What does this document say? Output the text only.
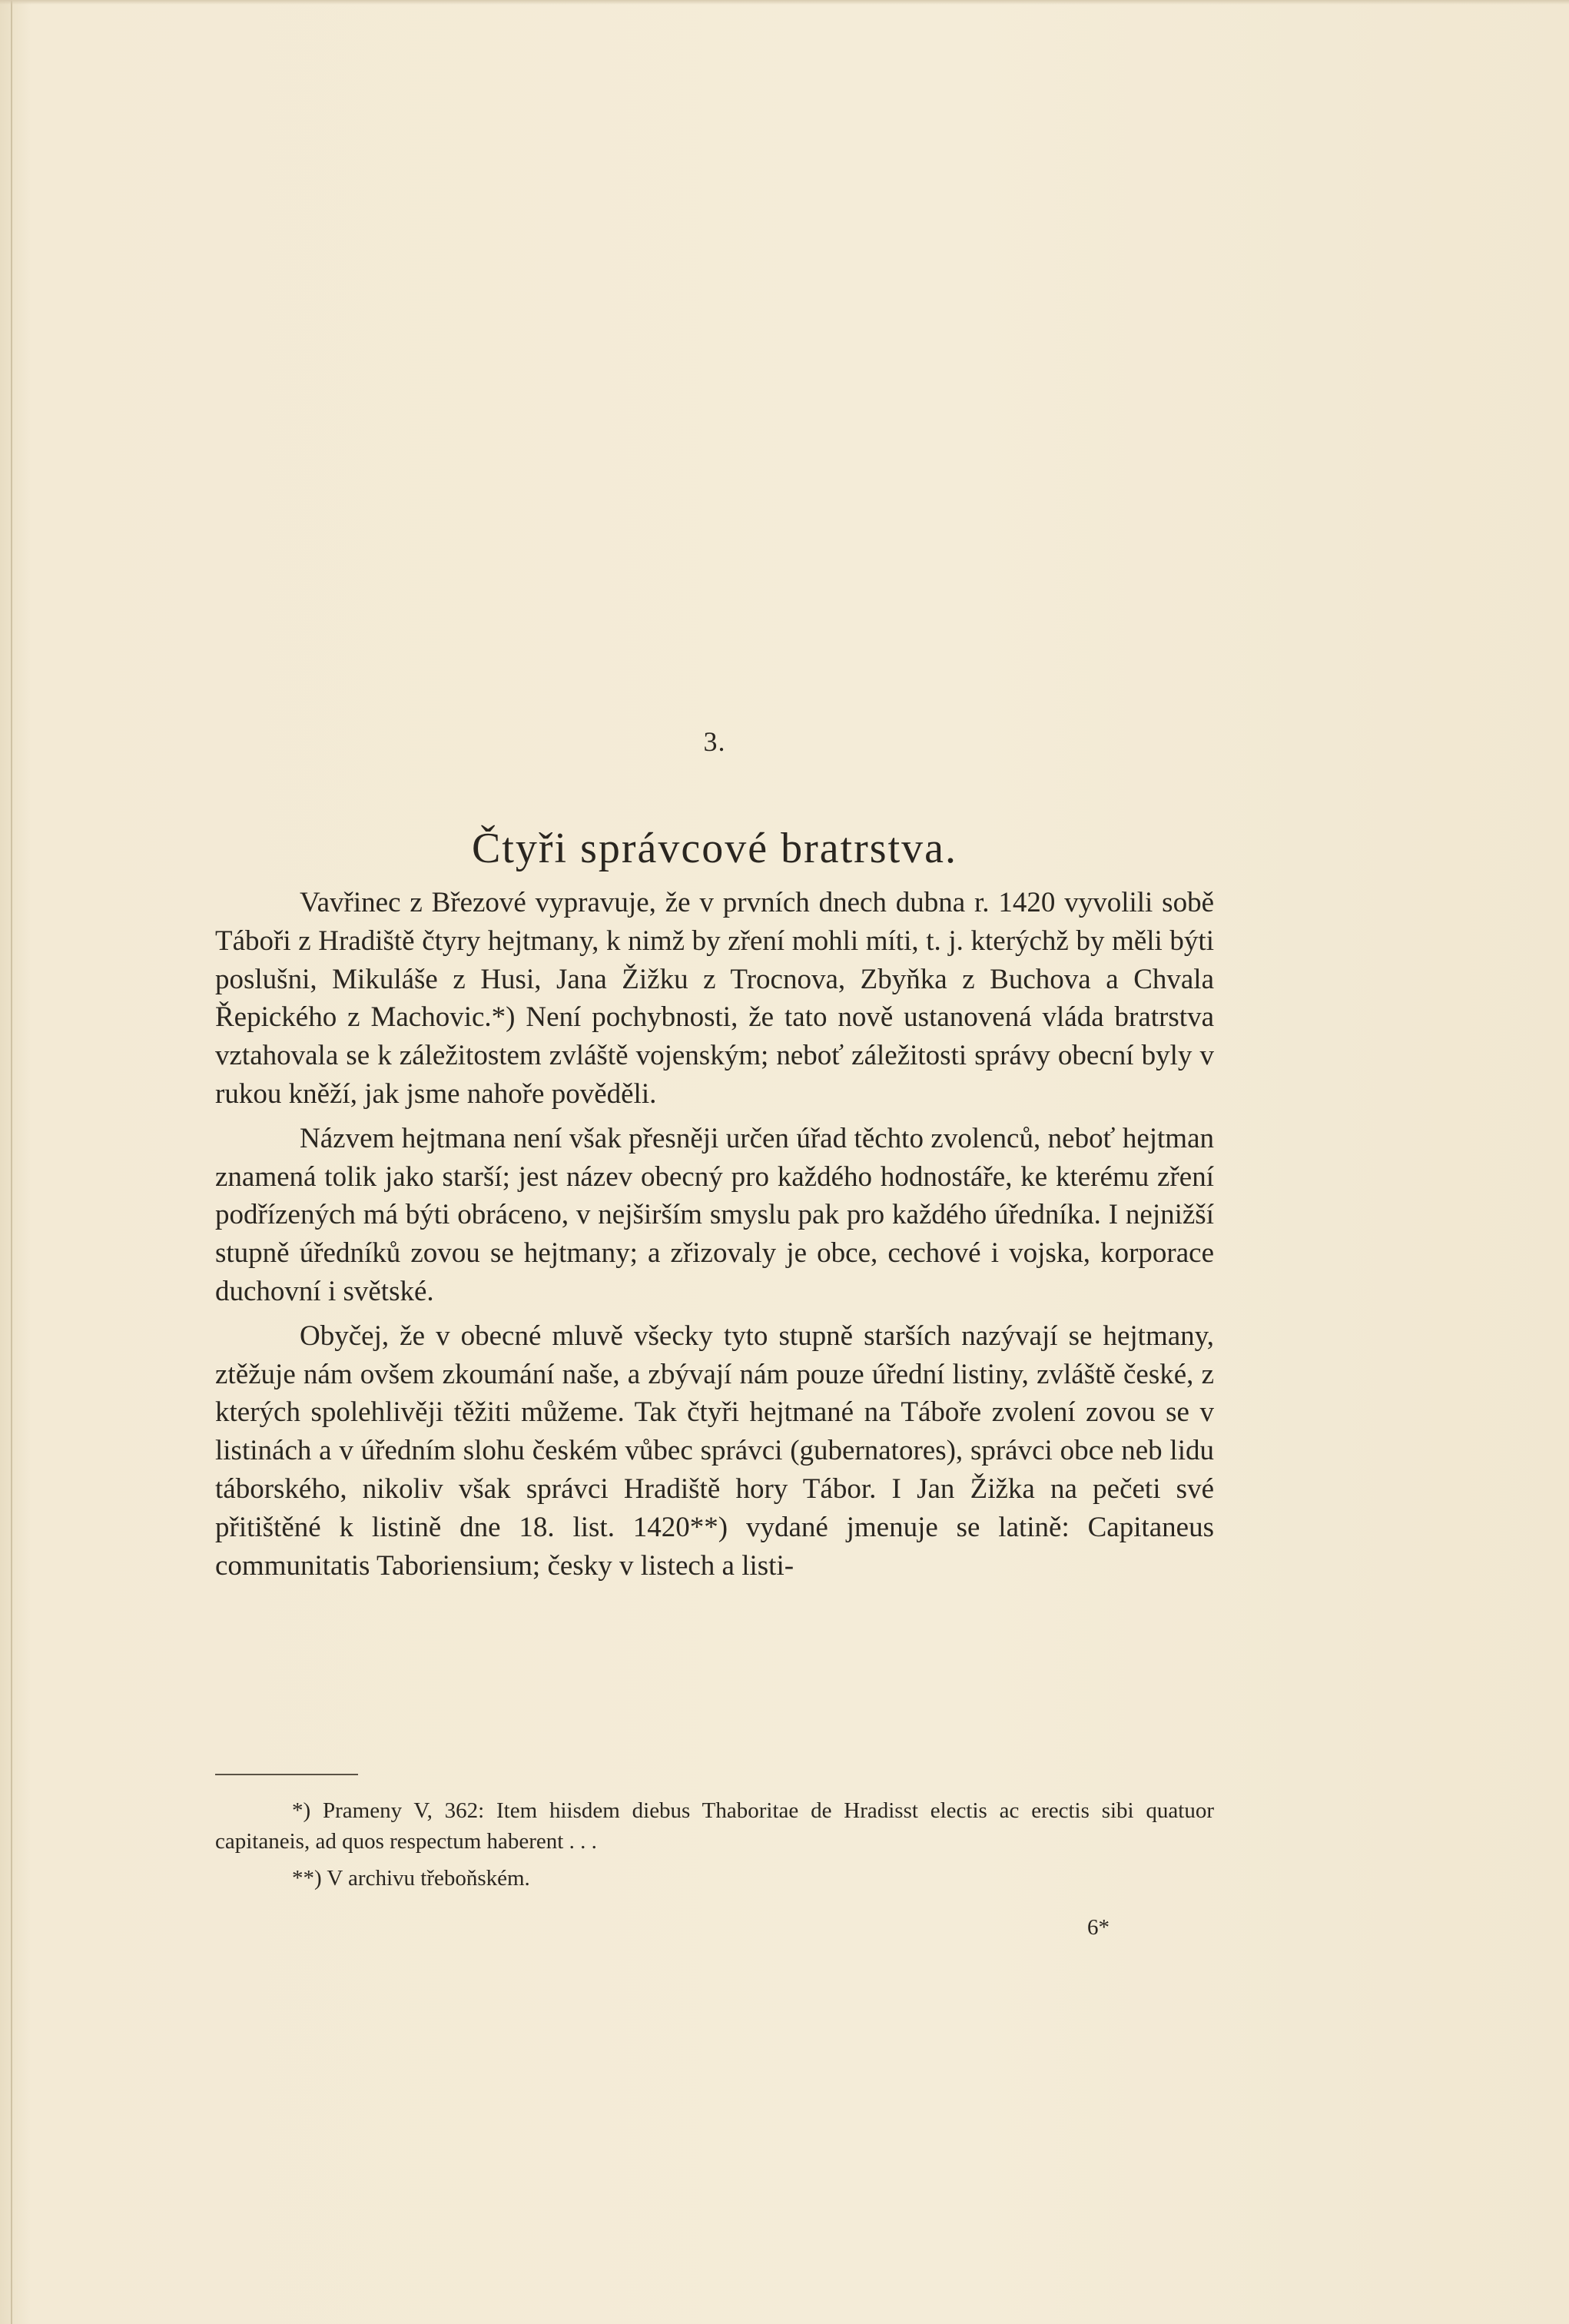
3.
Čtyři správcové bratrstva.

Vavřinec z Březové vypravuje, že v prvních dnech dubna r. 1420 vyvolili sobě Tábořі z Hradiště čtyry hejtmany, k nimž by zření mohli míti, t. j. kterýchž by měli býti poslušni, Mikuláše z Husi, Jana Žižku z Trocnova, Zbyňka z Buchova a Chvala Řepického z Machovic.*) Není pochybnosti, že tato nově ustanovená vláda bratrstva vztahovala se k záležitostem zvláště vojenským; neboť záležitosti správy obecní byly v rukou kněží, jak jsme nahoře pověděli.

Názvem hejtmana není však přesněji určen úřad těchto zvolenců, neboť hejtman znamená tolik jako starší; jest název obecný pro každého hodnostáře, ke kterému zření podřízených má býti obráceno, v nejširším smyslu pak pro každého úředníka. I nejnižší stupně úředníků zovou se hejtmany; a zřizovaly je obce, cechové i vojska, korporace duchovní i světské.

Obyčej, že v obecné mluvě všecky tyto stupně starších nazývají se hejtmany, ztěžuje nám ovšem zkoumání naše, a zbývají nám pouze úřední listiny, zvláště české, z kterých spolehlivěji těžiti můžeme. Tak čtyři hejtmané na Táboře zvolení zovou se v listinách a v úředním slohu českém vůbec správci (gubernatores), správci obce neb lidu táborského, nikoliv však správci Hradiště hory Tábor. I Jan Žižka na pečeti své přitištěné k listině dne 18. list. 1420**) vydané jmenuje se latině: Capitaneus communitatis Taboriensium; česky v listech a listi-

*) Prameny V, 362: Item hiisdem diebus Thaboritae de Hradisst electis ac erectis sibi quatuor capitaneis, ad quos respectum haberent . . .

**) V archivu třeboňském.

6*
